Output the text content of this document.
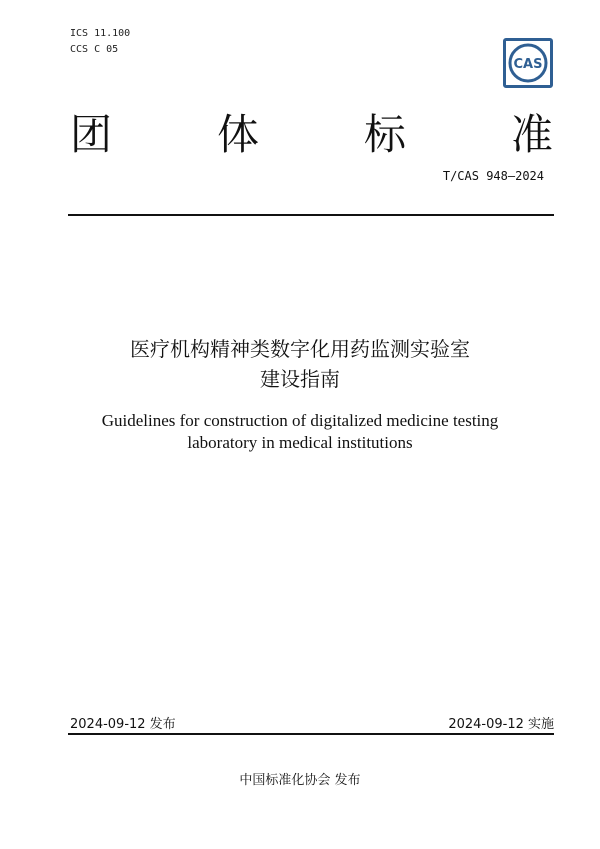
ICS 11.100
CCS C 05
CAS
团 体 标 准
T/CAS 948—2024
医疗机构精神类数字化用药监测实验室
建设指南
Guidelines for construction of digitalized medicine testing
laboratory in medical institutions
2024-09-12 发布	2024-09-12 实施
中国标准化协会 发布
